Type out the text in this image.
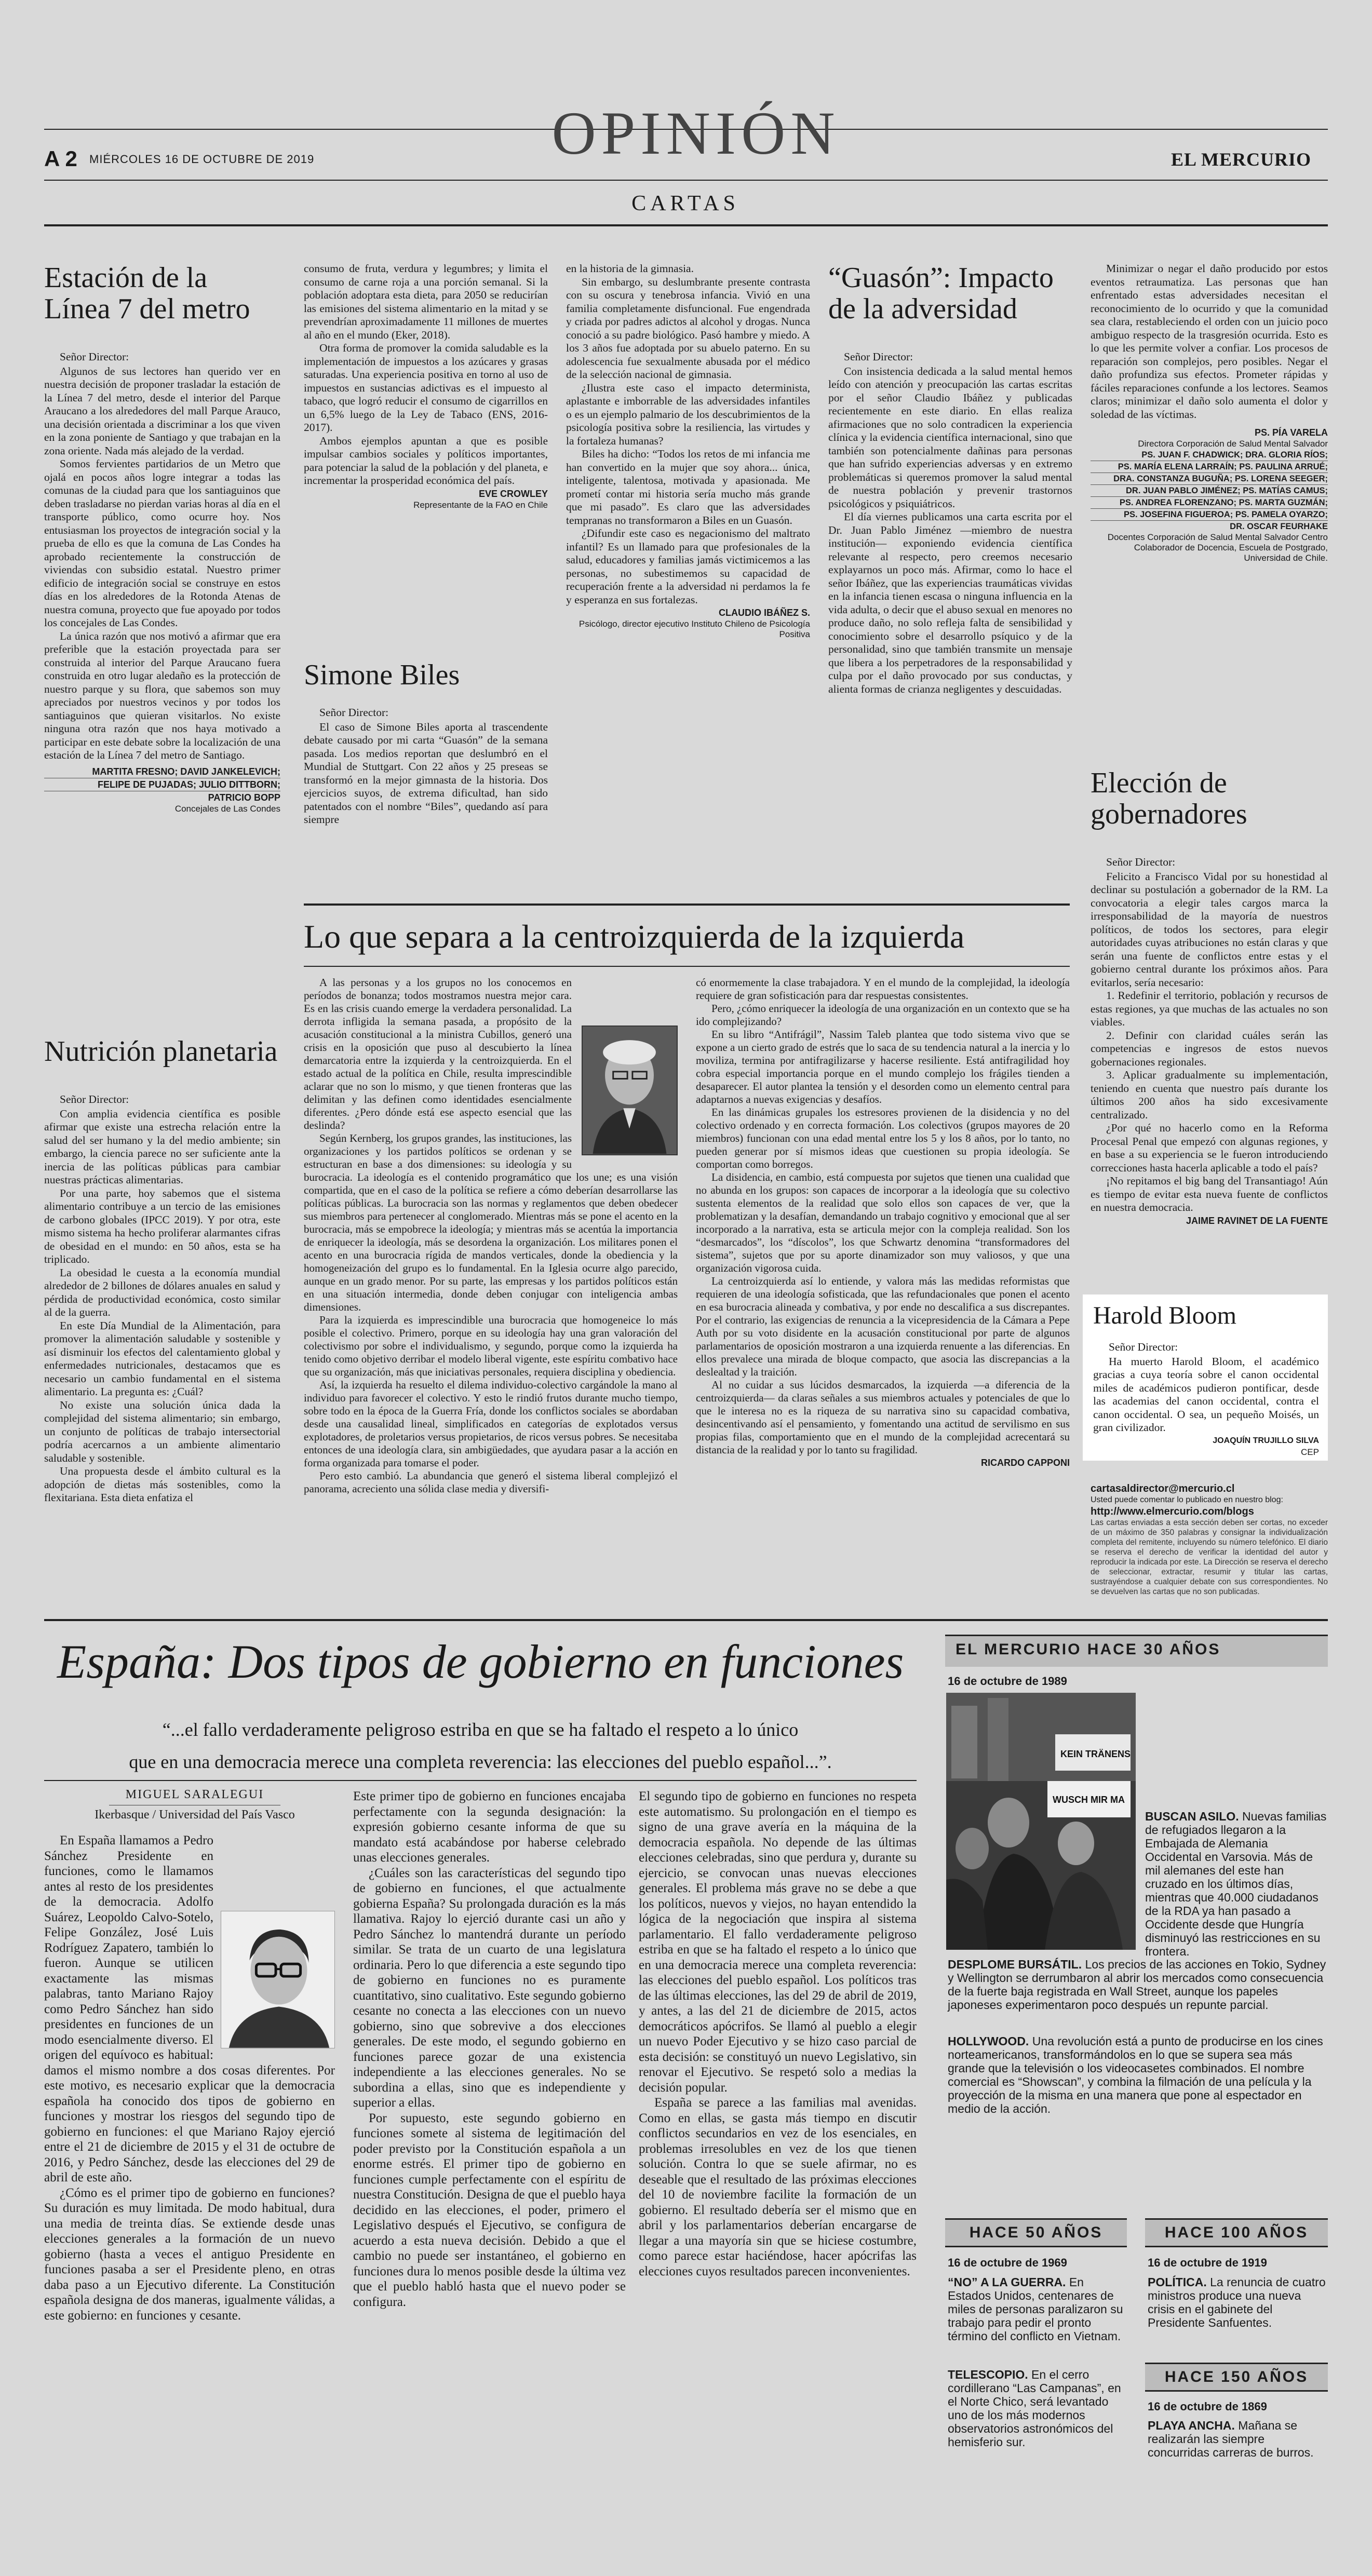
A 2 MIÉRCOLES 16 DE OCTUBRE DE 2019	OPINIÓN	EL MERCURIO
CARTAS
Estación de la Línea 7 del metro

Señor Director:

Algunos de sus lectores han querido ver en nuestra decisión de proponer trasladar la estación de la Línea 7 del metro, desde el interior del Parque Araucano a los alrededores del mall Parque Arauco, una decisión orientada a discriminar a los que viven en la zona poniente de Santiago y que trabajan en la zona oriente. Nada más alejado de la verdad.

Somos fervientes partidarios de un Metro que ojalá en pocos años logre integrar a todas las comunas de la ciudad para que los santiaguinos que deben trasladarse no pierdan varias horas al día en el transporte público, como ocurre hoy. Nos entusiasman los proyectos de integración social y la prueba de ello es que la comuna de Las Condes ha aprobado recientemente la construcción de viviendas con subsidio estatal. Nuestro primer edificio de integración social se construye en estos días en los alrededores de la Rotonda Atenas de nuestra comuna, proyecto que fue apoyado por todos los concejales de Las Condes.

La única razón que nos motivó a afirmar que era preferible que la estación proyectada para ser construida al interior del Parque Araucano fuera construida en otro lugar aledaño es la protección de nuestro parque y su flora, que sabemos son muy apreciados por nuestros vecinos y por todos los santiaguinos que quieran visitarlos. No existe ninguna otra razón que nos haya motivado a participar en este debate sobre la localización de una estación de la Línea 7 del metro de Santiago.

MARTITA FRESNO; DAVID JANKELEVICH;
FELIPE DE PUJADAS; JULIO DITTBORN;
PATRICIO BOPP
Concejales de Las Condes
Nutrición planetaria

Señor Director:

Con amplia evidencia científica es posible afirmar que existe una estrecha relación entre la salud del ser humano y la del medio ambiente; sin embargo, la ciencia parece no ser suficiente ante la inercia de las políticas públicas para cambiar nuestras prácticas alimentarias.

Por una parte, hoy sabemos que el sistema alimentario contribuye a un tercio de las emisiones de carbono globales (IPCC 2019). Y por otra, este mismo sistema ha hecho proliferar alarmantes cifras de obesidad en el mundo: en 50 años, esta se ha triplicado.

La obesidad le cuesta a la economía mundial alrededor de 2 billones de dólares anuales en salud y pérdida de productividad económica, costo similar al de la guerra.

En este Día Mundial de la Alimentación, para promover la alimentación saludable y sostenible y así disminuir los efectos del calentamiento global y enfermedades nutricionales, destacamos que es necesario un cambio fundamental en el sistema alimentario. La pregunta es: ¿Cuál?

No existe una solución única dada la complejidad del sistema alimentario; sin embargo, un conjunto de políticas de trabajo intersectorial podría acercarnos a un ambiente alimentario saludable y sostenible.

Una propuesta desde el ámbito cultural es la adopción de dietas más sostenibles, como la flexitariana. Esta dieta enfatiza el

consumo de fruta, verdura y legumbres; y limita el consumo de carne roja a una porción semanal. Si la población adoptara esta dieta, para 2050 se reducirían las emisiones del sistema alimentario en la mitad y se prevendrían aproximadamente 11 millones de muertes al año en el mundo (Eker, 2018).

Otra forma de promover la comida saludable es la implementación de impuestos a los azúcares y grasas saturadas. Una experiencia positiva en torno al uso de impuestos en sustancias adictivas es el impuesto al tabaco, que logró reducir el consumo de cigarrillos en un 6,5% luego de la Ley de Tabaco (ENS, 2016-2017).

Ambos ejemplos apuntan a que es posible impulsar cambios sociales y políticos importantes, para potenciar la salud de la población y del planeta, e incrementar la prosperidad económica del país.

EVE CROWLEY
Representante de la FAO en Chile
Simone Biles

Señor Director:

El caso de Simone Biles aporta al trascendente debate causado por mi carta “Guasón” de la semana pasada. Los medios reportan que deslumbró en el Mundial de Stuttgart. Con 22 años y 25 preseas se transformó en la mejor gimnasta de la historia. Dos ejercicios suyos, de extrema dificultad, han sido patentados con el nombre “Biles”, quedando así para siempre

en la historia de la gimnasia.

Sin embargo, su deslumbrante presente contrasta con su oscura y tenebrosa infancia. Vivió en una familia completamente disfuncional. Fue engendrada y criada por padres adictos al alcohol y drogas. Nunca conoció a su padre biológico. Pasó hambre y miedo. A los 3 años fue adoptada por su abuelo paterno. En su adolescencia fue sexualmente abusada por el médico de la selección nacional de gimnasia.

¿Ilustra este caso el impacto determinista, aplastante e imborrable de las adversidades infantiles o es un ejemplo palmario de los descubrimientos de la psicología positiva sobre la resiliencia, las virtudes y la fortaleza humanas?

Biles ha dicho: “Todos los retos de mi infancia me han convertido en la mujer que soy ahora... única, inteligente, talentosa, motivada y apasionada. Me prometí contar mi historia sería mucho más grande que mi pasado”. Es claro que las adversidades tempranas no transformaron a Biles en un Guasón.

¿Difundir este caso es negacionismo del maltrato infantil? Es un llamado para que profesionales de la salud, educadores y familias jamás victimicemos a las personas, no subestimemos su capacidad de recuperación frente a la adversidad ni perdamos la fe y esperanza en sus fortalezas.

CLAUDIO IBÁÑEZ S.
Psicólogo, director ejecutivo Instituto Chileno de Psicología Positiva
“Guasón”: Impacto de la adversidad

Señor Director:

Con insistencia dedicada a la salud mental hemos leído con atención y preocupación las cartas escritas por el señor Claudio Ibáñez y publicadas recientemente en este diario. En ellas realiza afirmaciones que no solo contradicen la experiencia clínica y la evidencia científica internacional, sino que también son potencialmente dañinas para personas que han sufrido experiencias adversas y en extremo problemáticas si queremos promover la salud mental de nuestra población y prevenir trastornos psicológicos y psiquiátricos.

El día viernes publicamos una carta escrita por el Dr. Juan Pablo Jiménez —miembro de nuestra institución— exponiendo evidencia científica relevante al respecto, pero creemos necesario explayarnos un poco más. Afirmar, como lo hace el señor Ibáñez, que las experiencias traumáticas vividas en la infancia tienen escasa o ninguna influencia en la vida adulta, o decir que el abuso sexual en menores no produce daño, no solo refleja falta de sensibilidad y conocimiento sobre el desarrollo psíquico y de la personalidad, sino que también transmite un mensaje que libera a los perpetradores de la responsabilidad y culpa por el daño provocado por sus conductas, y alienta formas de crianza negligentes y descuidadas.

Minimizar o negar el daño producido por estos eventos retraumatiza. Las personas que han enfrentado estas adversidades necesitan el reconocimiento de lo ocurrido y que la comunidad sea clara, restableciendo el orden con un juicio poco ambiguo respecto de la trasgresión ocurrida. Esto es lo que les permite volver a confiar. Los procesos de reparación son complejos, pero posibles. Negar el daño profundiza sus efectos. Prometer rápidas y fáciles reparaciones confunde a los lectores. Seamos claros; minimizar el daño solo aumenta el dolor y soledad de las víctimas.

PS. PÍA VARELA
Directora Corporación de Salud Mental Salvador
PS. JUAN F. CHADWICK; DRA. GLORIA RÍOS;
PS. MARÍA ELENA LARRAÍN; PS. PAULINA ARRUÉ;
DRA. CONSTANZA BUGUÑA; PS. LORENA SEEGER;
DR. JUAN PABLO JIMÉNEZ; PS. MATÍAS CAMUS;
PS. ANDREA FLORENZANO; PS. MARTA GUZMÁN;
PS. JOSEFINA FIGUEROA; PS. PAMELA OYARZO;
DR. OSCAR FEURHAKE
Docentes Corporación de Salud Mental Salvador Centro Colaborador de Docencia, Escuela de Postgrado, Universidad de Chile.
Elección de gobernadores

Señor Director:

Felicito a Francisco Vidal por su honestidad al declinar su postulación a gobernador de la RM. La convocatoria a elegir tales cargos marca la irresponsabilidad de la mayoría de nuestros políticos, de todos los sectores, para elegir autoridades cuyas atribuciones no están claras y que serán una fuente de conflictos entre estas y el gobierno central durante los próximos años. Para evitarlos, sería necesario:

1. Redefinir el territorio, población y recursos de estas regiones, ya que muchas de las actuales no son viables.

2. Definir con claridad cuáles serán las competencias e ingresos de estos nuevos gobernaciones regionales.

3. Aplicar gradualmente su implementación, teniendo en cuenta que nuestro país durante los últimos 200 años ha sido excesivamente centralizado.

¿Por qué no hacerlo como en la Reforma Procesal Penal que empezó con algunas regiones, y en base a su experiencia se le fueron introduciendo correcciones hasta hacerla aplicable a todo el país?

¡No repitamos el big bang del Transantiago! Aún es tiempo de evitar esta nueva fuente de conflictos en nuestra democracia.

JAIME RAVINET DE LA FUENTE
Harold Bloom

Señor Director:

Ha muerto Harold Bloom, el académico gracias a cuya teoría sobre el canon occidental miles de académicos pudieron pontificar, desde las academias del canon occidental, contra el canon occidental. O sea, un pequeño Moisés, un gran civilizador.

JOAQUÍN TRUJILLO SILVA
CEP
cartasaldirector@mercurio.cl
Usted puede comentar lo publicado en nuestro blog:
http://www.elmercurio.com/blogs
Las cartas enviadas a esta sección deben ser cortas, no exceder de un máximo de 350 palabras y consignar la individualización completa del remitente, incluyendo su número telefónico. El diario se reserva el derecho de verificar la identidad del autor y reproducir la indicada por este. La Dirección se reserva el derecho de seleccionar, extractar, resumir y titular las cartas, sustrayéndose a cualquier debate con sus correspondientes. No se devuelven las cartas que no son publicadas.
Lo que separa a la centroizquierda de la izquierda

A las personas y a los grupos no los conocemos en períodos de bonanza; todos mostramos nuestra mejor cara. Es en las crisis cuando emerge la verdadera personalidad. La derrota infligida la semana pasada, a propósito de la acusación constitucional a la ministra Cubillos, generó una crisis en la oposición que puso al descubierto la línea demarcatoria entre la izquierda y la centroizquierda. En el estado actual de la política en Chile, resulta imprescindible aclarar que no son lo mismo, y que tienen fronteras que las delimitan y las definen como identidades esencialmente diferentes. ¿Pero dónde está ese aspecto esencial que las deslinda?

Según Kernberg, los grupos grandes, las instituciones, las organizaciones y los partidos políticos se ordenan y se estructuran en base a dos dimensiones: su ideología y su burocracia. La ideología es el contenido programático que los une; es una visión compartida, que en el caso de la política se refiere a cómo deberían desarrollarse las políticas públicas. La burocracia son las normas y reglamentos que deben obedecer sus miembros para pertenecer al conglomerado. Mientras más se pone el acento en la burocracia, más se empobrece la ideología; y mientras más se acentúa la importancia de enriquecer la ideología, más se desordena la organización. Los militares ponen el acento en una burocracia rígida de mandos verticales, donde la obediencia y la homogeneización del grupo es lo fundamental. En la Iglesia ocurre algo parecido, aunque en un grado menor. Por su parte, las empresas y los partidos políticos están en una situación intermedia, donde deben conjugar con inteligencia ambas dimensiones.

Para la izquierda es imprescindible una burocracia que homogeneice lo más posible el colectivo. Primero, porque en su ideología hay una gran valoración del colectivismo por sobre el individualismo, y segundo, porque como la izquierda ha tenido como objetivo derribar el modelo liberal vigente, este espíritu combativo hace que su organización, más que iniciativas personales, requiera disciplina y obediencia.

Así, la izquierda ha resuelto el dilema individuo-colectivo cargándole la mano al individuo para favorecer el colectivo. Y esto le rindió frutos durante mucho tiempo, sobre todo en la época de la Guerra Fría, donde los conflictos sociales se abordaban desde una causalidad lineal, simplificados en categorías de explotados versus explotadores, de proletarios versus propietarios, de ricos versus pobres. Se necesitaba entonces de una ideología clara, sin ambigüedades, que ayudara pasar a la acción en forma organizada para tomarse el poder.

Pero esto cambió. La abundancia que generó el sistema liberal complejizó el panorama, acreciento una sólida clase media y diversifi-

có enormemente la clase trabajadora. Y en el mundo de la complejidad, la ideología requiere de gran sofisticación para dar respuestas consistentes.

Pero, ¿cómo enriquecer la ideología de una organización en un contexto que se ha ido complejizando?

En su libro “Antifrágil”, Nassim Taleb plantea que todo sistema vivo que se expone a un cierto grado de estrés que lo saca de su tendencia natural a la inercia y lo moviliza, termina por antifragilizarse y hacerse resiliente. Está antifragilidad hoy cobra especial importancia porque en el mundo complejo los frágiles tienden a desaparecer. El autor plantea la tensión y el desorden como un elemento central para adaptarnos a nuevas exigencias y desafíos.

En las dinámicas grupales los estresores provienen de la disidencia y no del colectivo ordenado y en correcta formación. Los colectivos (grupos mayores de 20 miembros) funcionan con una edad mental entre los 5 y los 8 años, por lo tanto, no pueden generar por sí mismos ideas que cuestionen su propia ideología. Se comportan como borregos.

La disidencia, en cambio, está compuesta por sujetos que tienen una cualidad que no abunda en los grupos: son capaces de incorporar a la ideología que su colectivo sustenta elementos de la realidad que solo ellos son capaces de ver, que la problematizan y la desafían, demandando un trabajo cognitivo y emocional que al ser incorporado a la narrativa, esta se articula mejor con la compleja realidad. Son los “desmarcados”, los “díscolos”, los que Schwartz denomina “transformadores del sistema”, sujetos que por su aporte dinamizador son muy valiosos, y que una organización vigorosa cuida.

La centroizquierda así lo entiende, y valora más las medidas reformistas que requieren de una ideología sofisticada, que las refundacionales que ponen el acento en esa burocracia alineada y combativa, y por ende no descalifica a sus discrepantes. Por el contrario, las exigencias de renuncia a la vicepresidencia de la Cámara a Pepe Auth por su voto disidente en la acusación constitucional por parte de algunos parlamentarios de oposición mostraron a una izquierda renuente a las diferencias. En ellos prevalece una mirada de bloque compacto, que asocia las discrepancias a la deslealtad y la traición.

Al no cuidar a sus lúcidos desmarcados, la izquierda —a diferencia de la centroizquierda— da claras señales a sus miembros actuales y potenciales de que lo que le interesa no es la riqueza de su narrativa sino su capacidad combativa, desincentivando así el pensamiento, y fomentando una actitud de servilismo en sus propias filas, comportamiento que en el mundo de la complejidad acrecentará su distancia de la realidad y por lo tanto su fragilidad.

RICARDO CAPPONI
España: Dos tipos de gobierno en funciones
“...el fallo verdaderamente peligroso estriba en que se ha faltado el respeto a lo único
que en una democracia merece una completa reverencia: las elecciones del pueblo español...”.
MIGUEL SARALEGUI
Ikerbasque / Universidad del País Vasco

En España llamamos a Pedro Sánchez Presidente en funciones, como le llamamos antes al resto de los presidentes de la democracia. Adolfo Suárez, Leopoldo Calvo-Sotelo, Felipe González, José Luis Rodríguez Zapatero, también lo fueron. Aunque se utilicen exactamente las mismas palabras, tanto Mariano Rajoy como Pedro Sánchez han sido presidentes en funciones de un modo esencialmente diverso. El origen del equívoco es habitual: damos el mismo nombre a dos cosas diferentes. Por este motivo, es necesario explicar que la democracia española ha conocido dos tipos de gobierno en funciones y mostrar los riesgos del segundo tipo de gobierno en funciones: el que Mariano Rajoy ejerció entre el 21 de diciembre de 2015 y el 31 de octubre de 2016, y Pedro Sánchez, desde las elecciones del 29 de abril de este año.

¿Cómo es el primer tipo de gobierno en funciones? Su duración es muy limitada. De modo habitual, dura una media de treinta días. Se extiende desde unas elecciones generales a la formación de un nuevo gobierno (hasta a veces el antiguo Presidente en funciones pasaba a ser el Presidente pleno, en otras daba paso a un Ejecutivo diferente. La Constitución española designa de dos maneras, igualmente válidas, a este gobierno: en funciones y cesante.

Este primer tipo de gobierno en funciones encajaba perfectamente con la segunda designación: la expresión gobierno cesante informa de que su mandato está acabándose por haberse celebrado unas elecciones generales.

¿Cuáles son las características del segundo tipo de gobierno en funciones, el que actualmente gobierna España? Su prolongada duración es la más llamativa. Rajoy lo ejerció durante casi un año y Pedro Sánchez lo mantendrá durante un período similar. Se trata de un cuarto de una legislatura ordinaria. Pero lo que diferencia a este segundo tipo de gobierno en funciones no es puramente cuantitativo, sino cualitativo. Este segundo gobierno cesante no conecta a las elecciones con un nuevo gobierno, sino que sobrevive a dos elecciones generales. De este modo, el segundo gobierno en funciones parece gozar de una existencia independiente a las elecciones generales. No se subordina a ellas, sino que es independiente y superior a ellas.

Por supuesto, este segundo gobierno en funciones somete al sistema de legitimación del poder previsto por la Constitución española a un enorme estrés. El primer tipo de gobierno en funciones cumple perfectamente con el espíritu de nuestra Constitución. Designa de que el pueblo haya decidido en las elecciones, el poder, primero el Legislativo después el Ejecutivo, se configura de acuerdo a esta nueva decisión. Debido a que el cambio no puede ser instantáneo, el gobierno en funciones dura lo menos posible desde la última vez que el pueblo habló hasta que el nuevo poder se configura.

El segundo tipo de gobierno en funciones no respeta este automatismo. Su prolongación en el tiempo es signo de una grave avería en la máquina de la democracia española. No depende de las últimas elecciones celebradas, sino que perdura y, durante su ejercicio, se convocan unas nuevas elecciones generales. El problema más grave no se debe a que los políticos, nuevos y viejos, no hayan entendido la lógica de la negociación que inspira al sistema parlamentario. El fallo verdaderamente peligroso estriba en que se ha faltado el respeto a lo único que en una democracia merece una completa reverencia: las elecciones del pueblo español. Los políticos tras de las últimas elecciones, las del 29 de abril de 2019, y antes, a las del 21 de diciembre de 2015, actos democráticos apócrifos. Se llamó al pueblo a elegir un nuevo Poder Ejecutivo y se hizo caso parcial de esta decisión: se constituyó un nuevo Legislativo, sin renovar el Ejecutivo. Se respetó solo a medias la decisión popular.

España se parece a las familias mal avenidas. Como en ellas, se gasta más tiempo en discutir conflictos secundarios en vez de los esenciales, en problemas irresolubles en vez de los que tienen solución. Contra lo que se suele afirmar, no es deseable que el resultado de las próximas elecciones del 10 de noviembre facilite la formación de un gobierno. El resultado debería ser el mismo que en abril y los parlamentarios deberían encargarse de llegar a una mayoría sin que se hiciese costumbre, como parece estar haciéndose, hacer apócrifas las elecciones cuyos resultados parecen inconvenientes.

EL MERCURIO HACE 30 AÑOS
16 de octubre de 1989
KEIN TRÄNENS
WUSCH MIR MA
BUSCAN ASILO. Nuevas familias de refugiados llegaron a la Embajada de Alemania Occidental en Varsovia. Más de mil alemanes del este han cruzado en los últimos días, mientras que 40.000 ciudadanos de la RDA ya han pasado a Occidente desde que Hungría disminuyó las restricciones en su frontera.
DESPLOME BURSÁTIL. Los precios de las acciones en Tokio, Sydney y Wellington se derrumbaron al abrir los mercados como consecuencia de la fuerte baja registrada en Wall Street, aunque los papeles japoneses experimentaron poco después un repunte parcial.
HOLLYWOOD. Una revolución está a punto de producirse en los cines norteamericanos, transformándolos en lo que se supera sea más grande que la televisión o los videocasetes combinados. El nombre comercial es “Showscan”, y combina la filmación de una película y la proyección de la misma en una manera que pone al espectador en medio de la acción.
HACE 50 AÑOS
16 de octubre de 1969
“NO” A LA GUERRA. En Estados Unidos, centenares de miles de personas paralizaron su trabajo para pedir el pronto término del conflicto en Vietnam.
TELESCOPIO. En el cerro cordillerano “Las Campanas”, en el Norte Chico, será levantado uno de los más modernos observatorios astronómicos del hemisferio sur.
HACE 100 AÑOS
16 de octubre de 1919
POLÍTICA. La renuncia de cuatro ministros produce una nueva crisis en el gabinete del Presidente Sanfuentes.
HACE 150 AÑOS
16 de octubre de 1869
PLAYA ANCHA. Mañana se realizarán las siempre concurridas carreras de burros.
